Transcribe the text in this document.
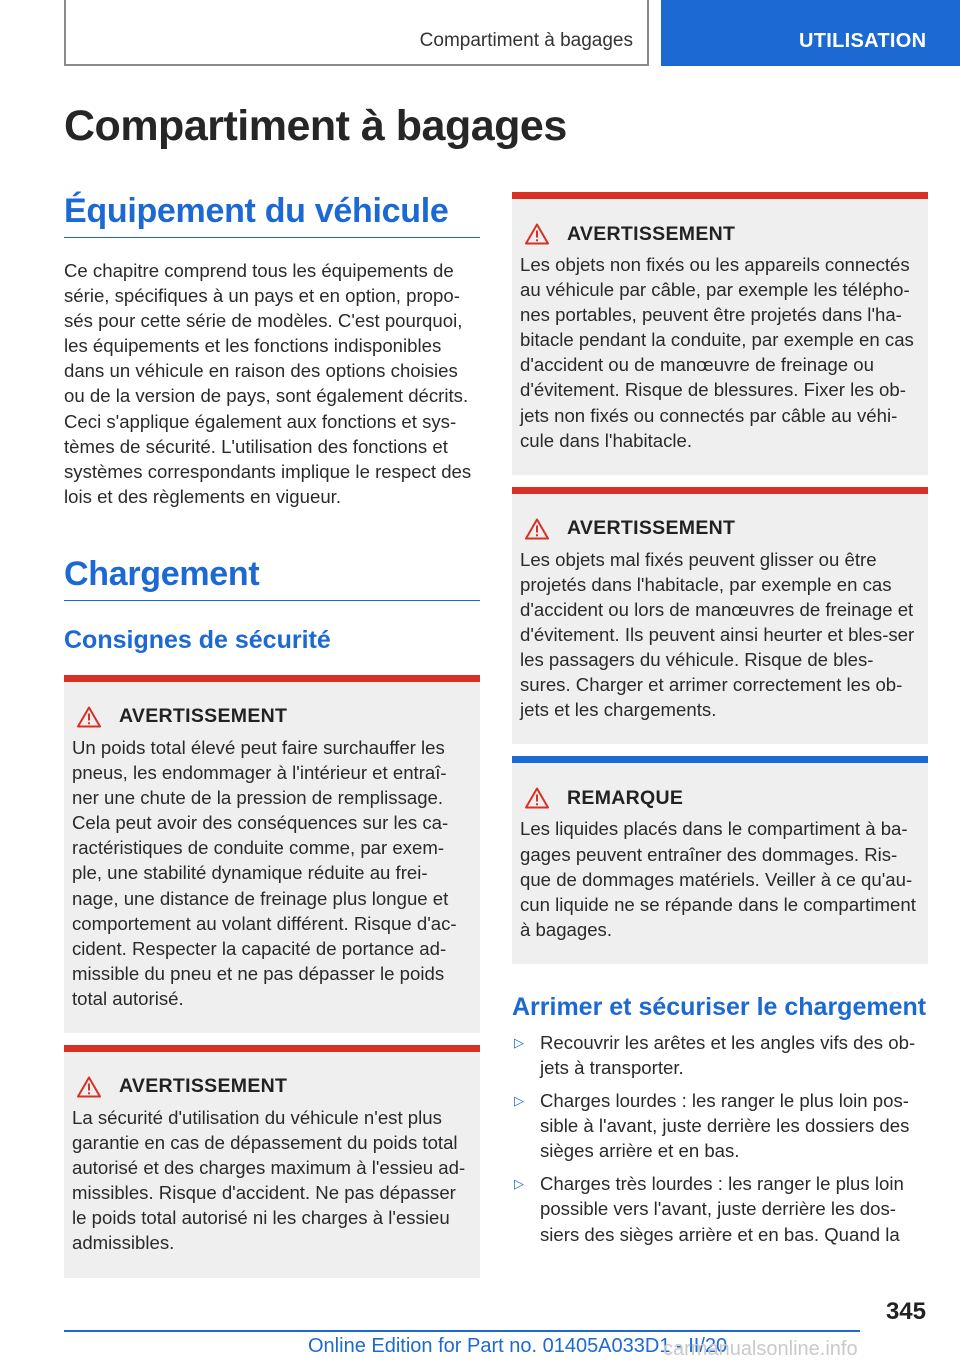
Compartiment à bagages	UTILISATION
Compartiment à bagages
Équipement du véhicule

Ce chapitre comprend tous les équipements de série, spécifiques à un pays et en option, propo-sés pour cette série de modèles. C'est pourquoi, les équipements et les fonctions indisponibles dans un véhicule en raison des options choisies ou de la version de pays, sont également décrits. Ceci s'applique également aux fonctions et sys-tèmes de sécurité. L'utilisation des fonctions et systèmes correspondants implique le respect des lois et des règlements en vigueur.

Chargement
Consignes de sécurité
AVERTISSEMENT

Un poids total élevé peut faire surchauffer les pneus, les endommager à l'intérieur et entraî-ner une chute de la pression de remplissage. Cela peut avoir des conséquences sur les ca-ractéristiques de conduite comme, par exem-ple, une stabilité dynamique réduite au frei-nage, une distance de freinage plus longue et comportement au volant différent. Risque d'ac-cident. Respecter la capacité de portance ad-missible du pneu et ne pas dépasser le poids total autorisé.

AVERTISSEMENT

La sécurité d'utilisation du véhicule n'est plus garantie en cas de dépassement du poids total autorisé et des charges maximum à l'essieu ad-missibles. Risque d'accident. Ne pas dépasser le poids total autorisé ni les charges à l'essieu admissibles.

AVERTISSEMENT

Les objets non fixés ou les appareils connectés au véhicule par câble, par exemple les télépho-nes portables, peuvent être projetés dans l'ha-bitacle pendant la conduite, par exemple en cas d'accident ou de manœuvre de freinage ou d'évitement. Risque de blessures. Fixer les ob-jets non fixés ou connectés par câble au véhi-cule dans l'habitacle.

AVERTISSEMENT

Les objets mal fixés peuvent glisser ou être projetés dans l'habitacle, par exemple en cas d'accident ou lors de manœuvres de freinage et d'évitement. Ils peuvent ainsi heurter et bles-ser les passagers du véhicule. Risque de bles-sures. Charger et arrimer correctement les ob-jets et les chargements.

REMARQUE

Les liquides placés dans le compartiment à ba-gages peuvent entraîner des dommages. Ris-que de dommages matériels. Veiller à ce qu'au-cun liquide ne se répande dans le compartiment à bagages.

Arrimer et sécuriser le chargement
▷ Recouvrir les arêtes et les angles vifs des ob-jets à transporter.
▷ Charges lourdes : les ranger le plus loin pos-sible à l'avant, juste derrière les dossiers des sièges arrière et en bas.
▷ Charges très lourdes : les ranger le plus loin possible vers l'avant, juste derrière les dos-siers des sièges arrière et en bas. Quand la
345
Online Edition for Part no. 01405A033D1 - II/20
carmanualsonline.info
